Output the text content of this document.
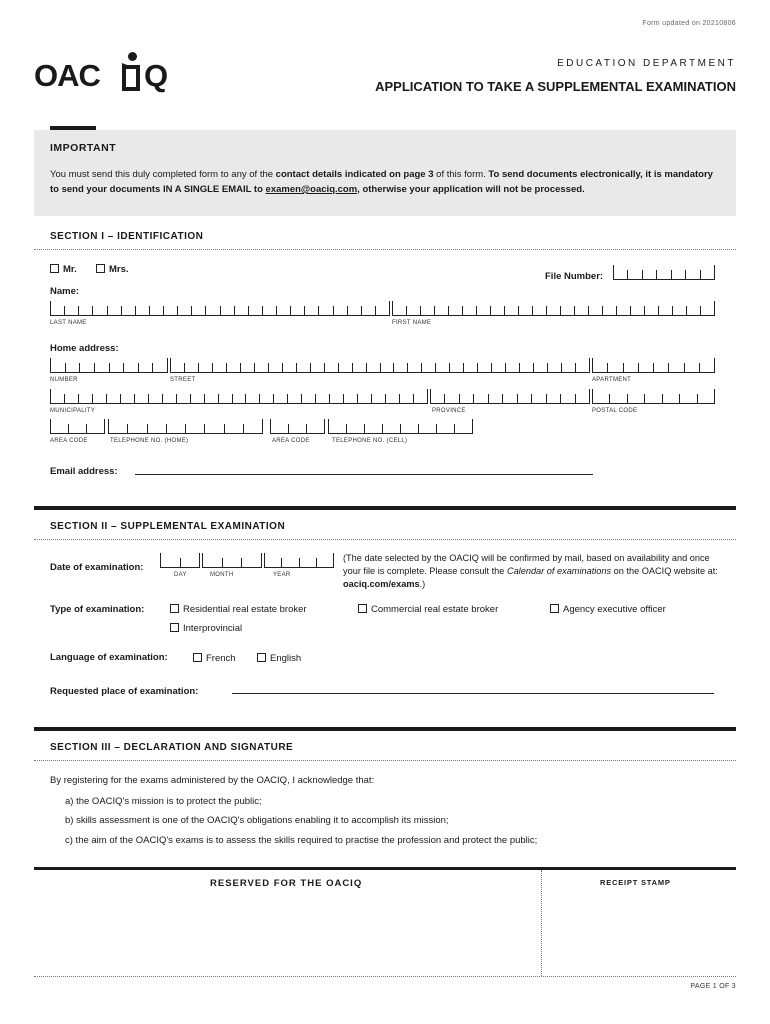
Form updated on 20210806
OAC Q	EDUCATION DEPARTMENT
APPLICATION TO TAKE A SUPPLEMENTAL EXAMINATION
IMPORTANT
You must send this duly completed form to any of the contact details indicated on page 3 of this form. To send documents electronically, it is mandatory to send your documents IN A SINGLE EMAIL to examen@oaciq.com, otherwise your application will not be processed.
SECTION I – IDENTIFICATION
Mr.	Mrs.
File Number:
Name:
LAST NAME	FIRST NAME
Home address:
NUMBER	STREET	APARTMENT
MUNICIPALITY	PROVINCE	POSTAL CODE
AREA CODE	TELEPHONE NO. (HOME)	AREA CODE	TELEPHONE NO. (CELL)
Email address:
SECTION II – SUPPLEMENTAL EXAMINATION
Date of examination:
DAY	MONTH	YEAR
(The date selected by the OACIQ will be confirmed by mail, based on availability and once your file is complete. Please consult the Calendar of examinations on the OACIQ website at: oaciq.com/exams.)
Type of examination:	Residential real estate broker	Commercial real estate broker	Agency executive officer
Interprovincial
Language of examination:	French	English
Requested place of examination:
SECTION III – DECLARATION AND SIGNATURE
By registering for the exams administered by the OACIQ, I acknowledge that:
a) the OACIQ's mission is to protect the public;
b) skills assessment is one of the OACIQ's obligations enabling it to accomplish its mission;
c) the aim of the OACIQ's exams is to assess the skills required to practise the profession and protect the public;
RESERVED FOR THE OACIQ	RECEIPT STAMP
PAGE 1 OF 3
